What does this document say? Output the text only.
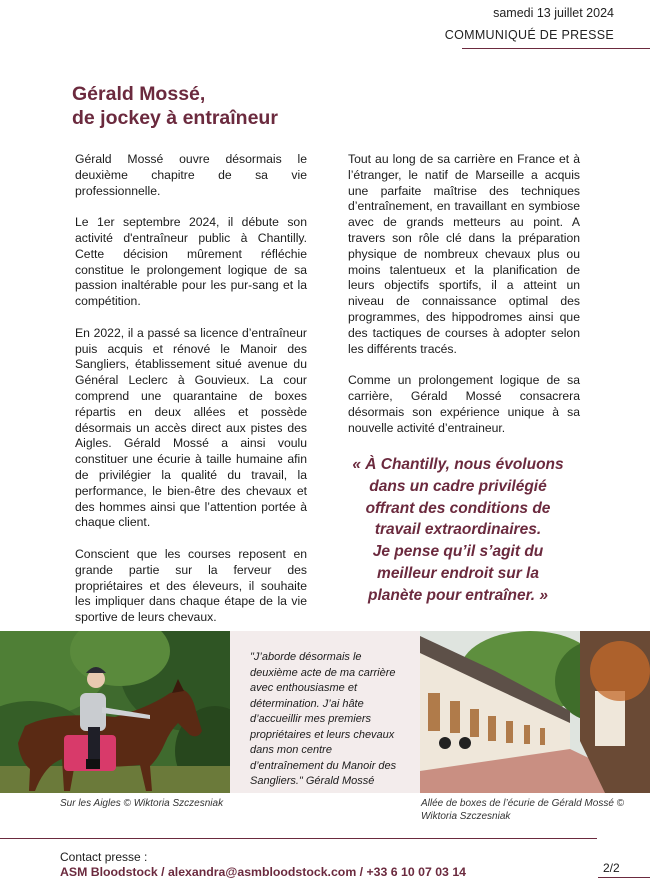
samedi 13 juillet 2024
COMMUNIQUÉ DE PRESSE
Gérald Mossé,
de jockey à entraîneur

Gérald Mossé ouvre désormais le deuxième chapitre de sa vie professionnelle.

Le 1er septembre 2024, il débute son activité d'entraîneur public à Chantilly. Cette décision mûrement réfléchie constitue le prolongement logique de sa passion inaltérable pour les pur-sang et la compétition.

En 2022, il a passé sa licence d’entraîneur puis acquis et rénové le Manoir des Sangliers, établissement situé avenue du Général Leclerc à Gouvieux. La cour comprend une quarantaine de boxes répartis en deux allées et possède désormais un accès direct aux pistes des Aigles. Gérald Mossé a ainsi voulu constituer une écurie à taille humaine afin de privilégier la qualité du travail, la performance, le bien-être des chevaux et des hommes ainsi que l’attention portée à chaque client.

Conscient que les courses reposent en grande partie sur la ferveur des propriétaires et des éleveurs, il souhaite les impliquer dans chaque étape de la vie sportive de leurs chevaux.

Tout au long de sa carrière en France et à l’étranger, le natif de Marseille a acquis une parfaite maîtrise des techniques d’entraînement, en travaillant en symbiose avec de grands metteurs au point. A travers son rôle clé dans la préparation physique de nombreux chevaux plus ou moins talentueux et la planification de leurs objectifs sportifs, il a atteint un niveau de connaissance optimal des programmes, des hippodromes ainsi que des tactiques de courses à adopter selon les différents tracés.

Comme un prolongement logique de sa carrière, Gérald Mossé consacrera désormais son expérience unique à sa nouvelle activité d’entraineur.

« À Chantilly, nous évoluons
dans un cadre privilégié
offrant des conditions de
travail extraordinaires.
Je pense qu’il s’agit du
meilleur endroit sur la
planète pour entraîner. »
"J’aborde désormais le deuxième acte de ma carrière avec enthousiasme et détermination. J’ai hâte d’accueillir mes premiers propriétaires et leurs chevaux dans mon centre d’entraînement du Manoir des Sangliers." Gérald Mossé
Sur les Aigles © Wiktoria Szczesniak	Allée de boxes de l’écurie de Gérald Mossé © Wiktoria Szczesniak
Contact presse :
ASM Bloodstock / alexandra@asmbloodstock.com / +33 6 10 07 03 14	2/2
